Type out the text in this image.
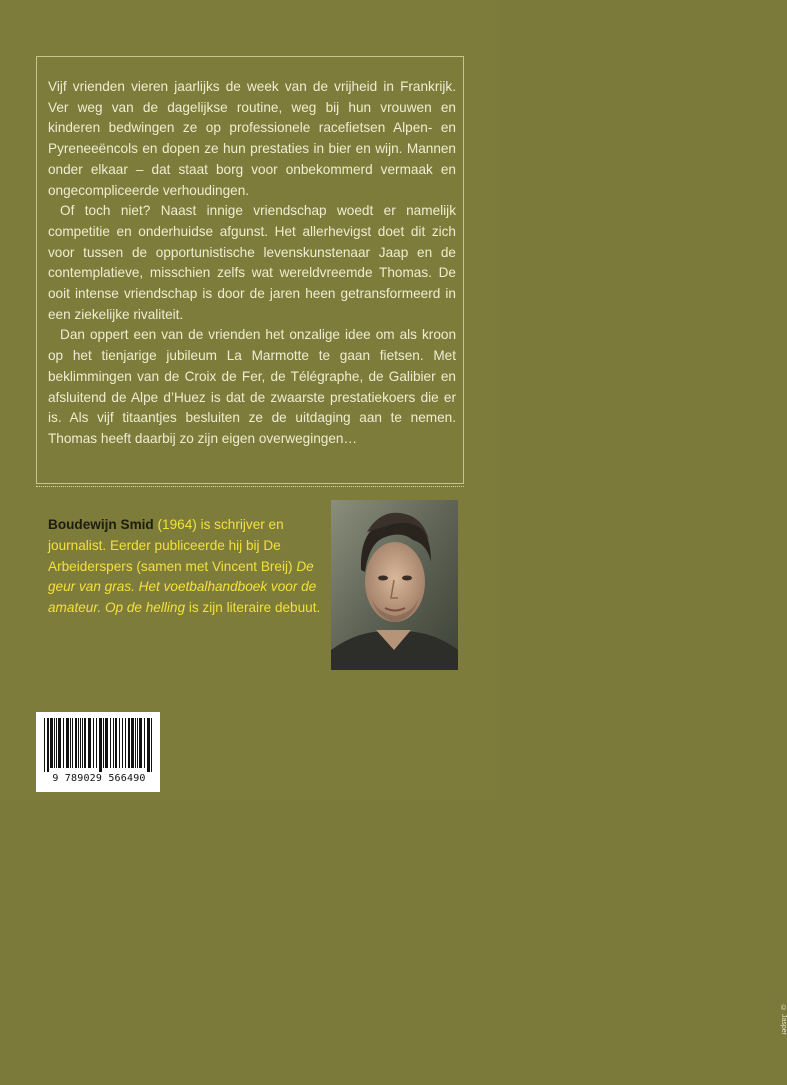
Vijf vrienden vieren jaarlijks de week van de vrijheid in Frankrijk. Ver weg van de dagelijkse routine, weg bij hun vrouwen en kinderen bedwingen ze op professionele racefietsen Alpen- en Pyreneeëncols en dopen ze hun prestaties in bier en wijn. Mannen onder elkaar – dat staat borg voor onbekommerd vermaak en ongecompliceerde verhoudingen.

Of toch niet? Naast innige vriendschap woedt er namelijk competitie en onderhuidse afgunst. Het allerhevigst doet dit zich voor tussen de opportunistische levenskunstenaar Jaap en de contemplatieve, misschien zelfs wat wereldvreemde Thomas. De ooit intense vriendschap is door de jaren heen getransformeerd in een ziekelijke rivaliteit.

Dan oppert een van de vrienden het onzalige idee om als kroon op het tienjarige jubileum La Marmotte te gaan fietsen. Met beklimmingen van de Croix de Fer, de Télégraphe, de Galibier en afsluitend de Alpe d’Huez is dat de zwaarste prestatiekoers die er is. Als vijf titaantjes besluiten ze de uitdaging aan te nemen. Thomas heeft daarbij zo zijn eigen overwegingen…

Boudewijn Smid (1964) is schrijver en journalist. Eerder publiceerde hij bij De Arbeiderspers (samen met Vincent Breij) De geur van gras. Het voetbalhandboek voor de amateur. Op de helling is zijn literaire debuut.

© Jasper
9 789029 566490
